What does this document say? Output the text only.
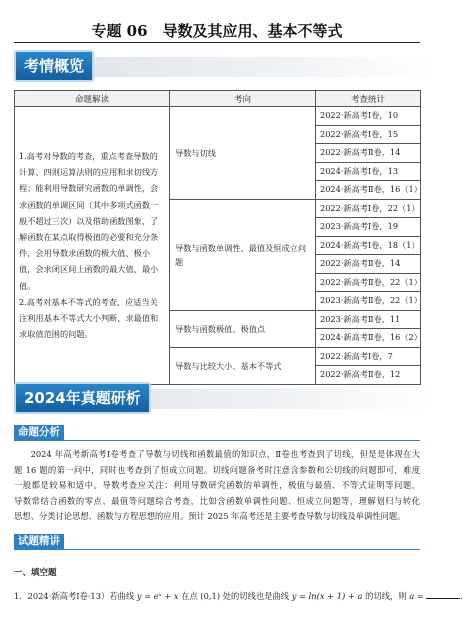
专题 06　导数及其应用、基本不等式
考情概览
命题解读	考向	考查统计

1.高考对导数的考查，重点考查导数的计算、四则运算法则的应用和求切线方程；能利用导数研究函数的单调性，会求函数的单调区间（其中多项式函数一般不超过三次）以及借助函数图象，了解函数在某点取得极值的必要和充分条件，会用导数求函数的极大值、极小值，会求闭区间上函数的最大值、最小值。
2.高考对基本不等式的考查，应适当关注利用基本不等式大小判断、求最值和求取值范围的问题。	导数与切线	2022·新高考Ⅰ卷，10
		2022·新高考Ⅰ卷，15
		2022·新高考Ⅱ卷，14
		2024·新高考Ⅰ卷，13
		2024·新高考Ⅱ卷，16（1）
	导数与函数单调性、最值及恒成立问题	2022·新高考Ⅰ卷，22（1）
		2023·新高考Ⅰ卷，19
		2024·新高考Ⅰ卷，18（1）
		2022·新高考Ⅱ卷，14
		2022·新高考Ⅱ卷，22（1）
		2023·新高考Ⅱ卷，22（1）
	导数与函数极值、极值点	2023·新高考Ⅱ卷，11
		2024·新高考Ⅱ卷，16（2）
	导数与比较大小、基本不等式	2022·新高考Ⅰ卷，7
		2022·新高考Ⅱ卷，12
2024年真题研析
命题分析
2024 年高考新高考Ⅰ卷考查了导数与切线和函数最值的知识点，Ⅱ卷也考查到了切线，但是是体现在大
题 16 题的第一问中，同时也考查到了恒成立问题。切线问题备考时注意含参数和公切线的问题即可，难度
一般都是较易和适中。导数考查应关注：利用导数研究函数的单调性，极值与最值、不等式证明等问题，
导数常结合函数的零点、最值等问题综合考查，比如含函数单调性问题、恒成立问题等，理解划归与转化
思想、分类讨论思想、函数与方程思想的应用。预计 2025 年高考还是主要考查导数与切线及单调性问题。
试题精讲
一、填空题
1．2024·新高考Ⅰ卷·13）若曲线 y = eˣ + x 在点 (0,1) 处的切线也是曲线 y = ln(x + 1) + a 的切线，则 a =	.
